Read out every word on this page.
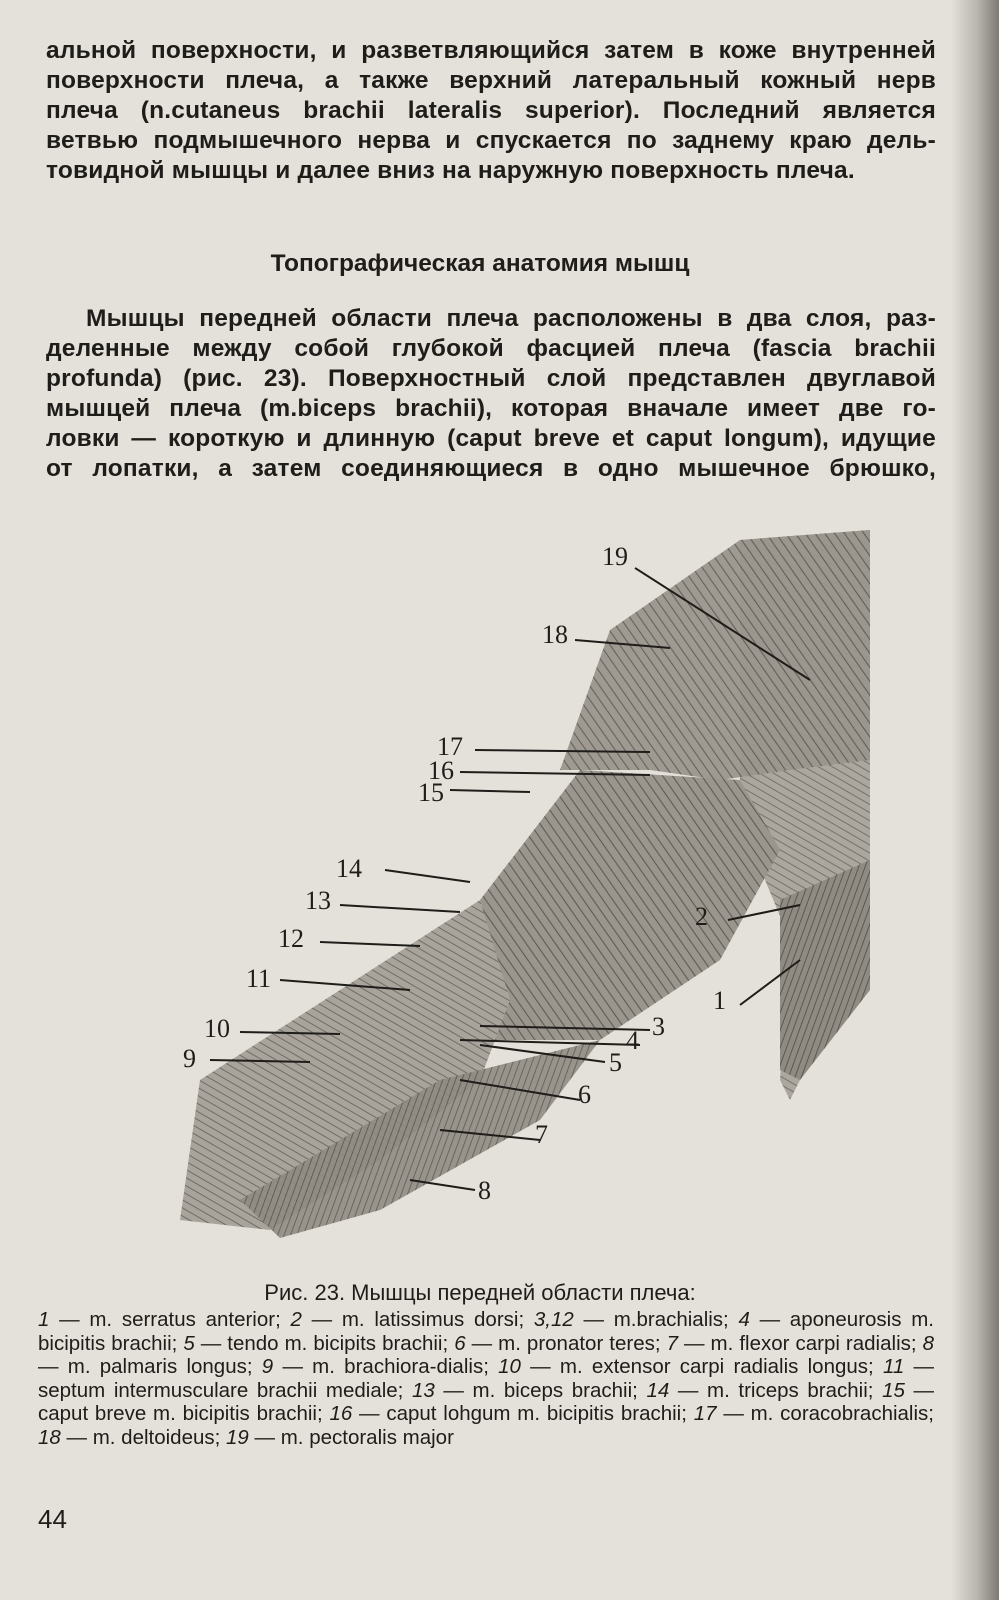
альной поверхности, и разветвляющийся затем в коже внутренней
поверхности плеча, а также верхний латеральный кожный нерв
плеча (n.cutaneus brachii lateralis superior). Последний является
ветвью подмышечного нерва и спускается по заднему краю дель-
товидной мышцы и далее вниз на наружную поверхность плеча.
Топографическая анатомия мышц
Мышцы передней области плеча расположены в два слоя, раз-
деленные между собой глубокой фасцией плеча (fascia brachii
profunda) (рис. 23). Поверхностный слой представлен двуглавой
мышцей плеча (m.biceps brachii), которая вначале имеет две го-
ловки — короткую и длинную (caput breve et caput longum), идущие
от лопатки, а затем соединяющиеся в одно мышечное брюшко,
19
18
17
16
15
14
13
12
11
10
9
2
1
3
4
5
6
7
8
Рис. 23. Мышцы передней области плеча:
1 — m. serratus anterior; 2 — m. latissimus dorsi; 3,12 — m.brachialis; 4 — aponeurosis m. bicipitis brachii; 5 — tendo m. bicipits brachii; 6 — m. pronator teres; 7 — m. flexor carpi radialis; 8 — m. palmaris longus; 9 — m. brachiora-dialis; 10 — m. extensor carpi radialis longus; 11 — septum intermusculare brachii mediale; 13 — m. biceps brachii; 14 — m. triceps brachii; 15 — caput breve m. bicipitis brachii; 16 — caput lohgum m. bicipitis brachii; 17 — m. coracobrachialis; 18 — m. deltoideus; 19 — m. pectoralis major
44
